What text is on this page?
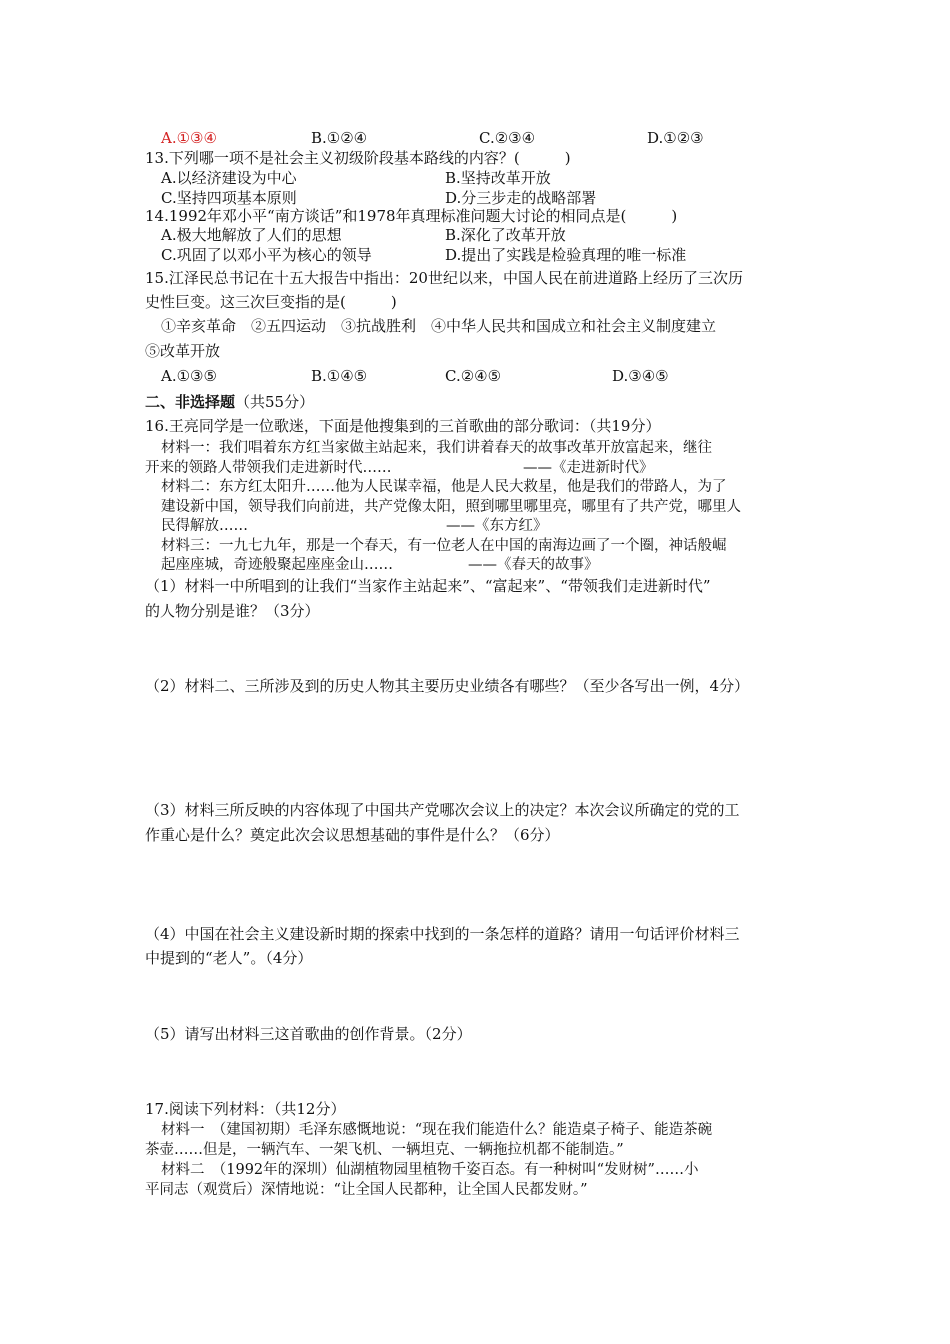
A.①③④	B.①②④	C.②③④	D.①②③
13.下列哪一项不是社会主义初级阶段基本路线的内容？(　　　)
A.以经济建设为中心	B.坚持改革开放
C.坚持四项基本原则	D.分三步走的战略部署
14.1992年邓小平“南方谈话”和1978年真理标准问题大讨论的相同点是(　　　)
A.极大地解放了人们的思想	B.深化了改革开放
C.巩固了以邓小平为核心的领导	D.提出了实践是检验真理的唯一标准
15.江泽民总书记在十五大报告中指出：20世纪以来，中国人民在前进道路上经历了三次历
史性巨变。这三次巨变指的是(　　　)
①辛亥革命　②五四运动　③抗战胜利　④中华人民共和国成立和社会主义制度建立
⑤改革开放
A.①③⑤	B.①④⑤	C.②④⑤	D.③④⑤
二、非选择题（共55分）
16.王亮同学是一位歌迷，下面是他搜集到的三首歌曲的部分歌词：（共19分）
材料一：我们唱着东方红当家做主站起来，我们讲着春天的故事改革开放富起来，继往
开来的领路人带领我们走进新时代……	——《走进新时代》
材料二：东方红太阳升……他为人民谋幸福，他是人民大救星，他是我们的带路人，为了
建设新中国，领导我们向前进，共产党像太阳，照到哪里哪里亮，哪里有了共产党，哪里人
民得解放……	——《东方红》
材料三：一九七九年，那是一个春天，有一位老人在中国的南海边画了一个圈，神话般崛
起座座城，奇迹般聚起座座金山……	——《春天的故事》
（1）材料一中所唱到的让我们“当家作主站起来”、“富起来”、“带领我们走进新时代”
的人物分别是谁？（3分）
（2）材料二、三所涉及到的历史人物其主要历史业绩各有哪些？（至少各写出一例，4分）
（3）材料三所反映的内容体现了中国共产党哪次会议上的决定？本次会议所确定的党的工
作重心是什么？奠定此次会议思想基础的事件是什么？（6分）
（4）中国在社会主义建设新时期的探索中找到的一条怎样的道路？请用一句话评价材料三
中提到的“老人”。（4分）
（5）请写出材料三这首歌曲的创作背景。（2分）
17.阅读下列材料：（共12分）
材料一　（建国初期）毛泽东感慨地说：“现在我们能造什么？能造桌子椅子、能造茶碗
茶壶……但是，一辆汽车、一架飞机、一辆坦克、一辆拖拉机都不能制造。”
材料二　（1992年的深圳）仙湖植物园里植物千姿百态。有一种树叫“发财树”……小
平同志（观赏后）深情地说：“让全国人民都种，让全国人民都发财。”
